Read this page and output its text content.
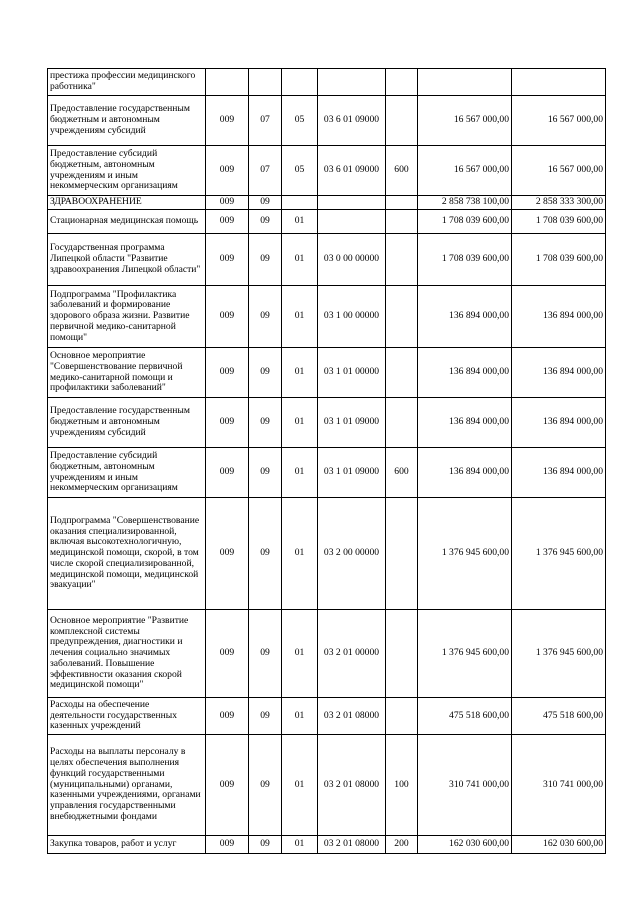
престижа профессии медицинского работника"							
Предоставление государственным бюджетным и автономным учреждениям субсидий	009	07	05	03 6 01 09000		16 567 000,00	16 567 000,00
Предоставление субсидий бюджетным, автономным учреждениям и иным некоммерческим организациям	009	07	05	03 6 01 09000	600	16 567 000,00	16 567 000,00
ЗДРАВООХРАНЕНИЕ	009	09				2 858 738 100,00	2 858 333 300,00
Стационарная медицинская помощь	009	09	01			1 708 039 600,00	1 708 039 600,00
Государственная программа Липецкой области "Развитие здравоохранения Липецкой области"	009	09	01	03 0 00 00000		1 708 039 600,00	1 708 039 600,00
Подпрограмма "Профилактика заболеваний и формирование здорового образа жизни. Развитие первичной медико-санитарной помощи"	009	09	01	03 1 00 00000		136 894 000,00	136 894 000,00
Основное мероприятие "Совершенствование первичной медико-санитарной помощи и профилактики заболеваний"	009	09	01	03 1 01 00000		136 894 000,00	136 894 000,00
Предоставление государственным бюджетным и автономным учреждениям субсидий	009	09	01	03 1 01 09000		136 894 000,00	136 894 000,00
Предоставление субсидий бюджетным, автономным учреждениям и иным некоммерческим организациям	009	09	01	03 1 01 09000	600	136 894 000,00	136 894 000,00
Подпрограмма "Совершенствование оказания специализированной, включая высокотехнологичную, медицинской помощи, скорой, в том числе скорой специализированной, медицинской помощи, медицинской эвакуации"	009	09	01	03 2 00 00000		1 376 945 600,00	1 376 945 600,00
Основное мероприятие "Развитие комплексной системы предупреждения, диагностики и лечения социально значимых заболеваний. Повышение эффективности оказания скорой медицинской помощи"	009	09	01	03 2 01 00000		1 376 945 600,00	1 376 945 600,00
Расходы на обеспечение деятельности государственных казенных учреждений	009	09	01	03 2 01 08000		475 518 600,00	475 518 600,00
Расходы на выплаты персоналу в целях обеспечения выполнения функций государственными (муниципальными) органами, казенными учреждениями, органами управления государственными внебюджетными фондами	009	09	01	03 2 01 08000	100	310 741 000,00	310 741 000,00
Закупка товаров, работ и услуг	009	09	01	03 2 01 08000	200	162 030 600,00	162 030 600,00
